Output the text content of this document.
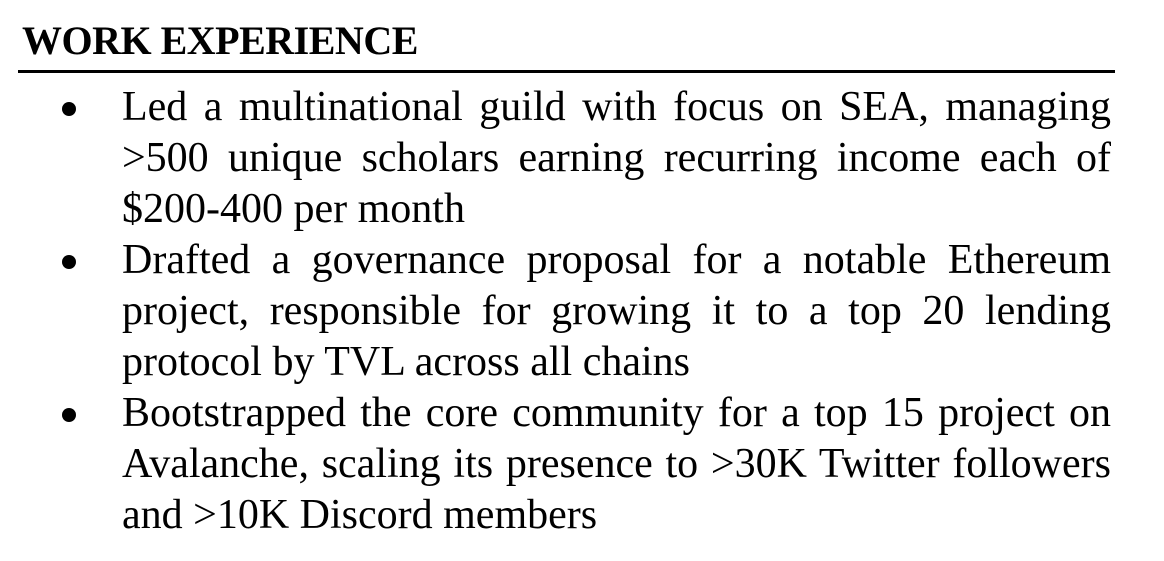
WORK EXPERIENCE
Led a multinational guild with focus on SEA, managing >500 unique scholars earning recurring income each of $200-400 per month
Drafted a governance proposal for a notable Ethereum project, responsible for growing it to a top 20 lending protocol by TVL across all chains
Bootstrapped the core community for a top 15 project on Avalanche, scaling its presence to >30K Twitter followers and >10K Discord members
